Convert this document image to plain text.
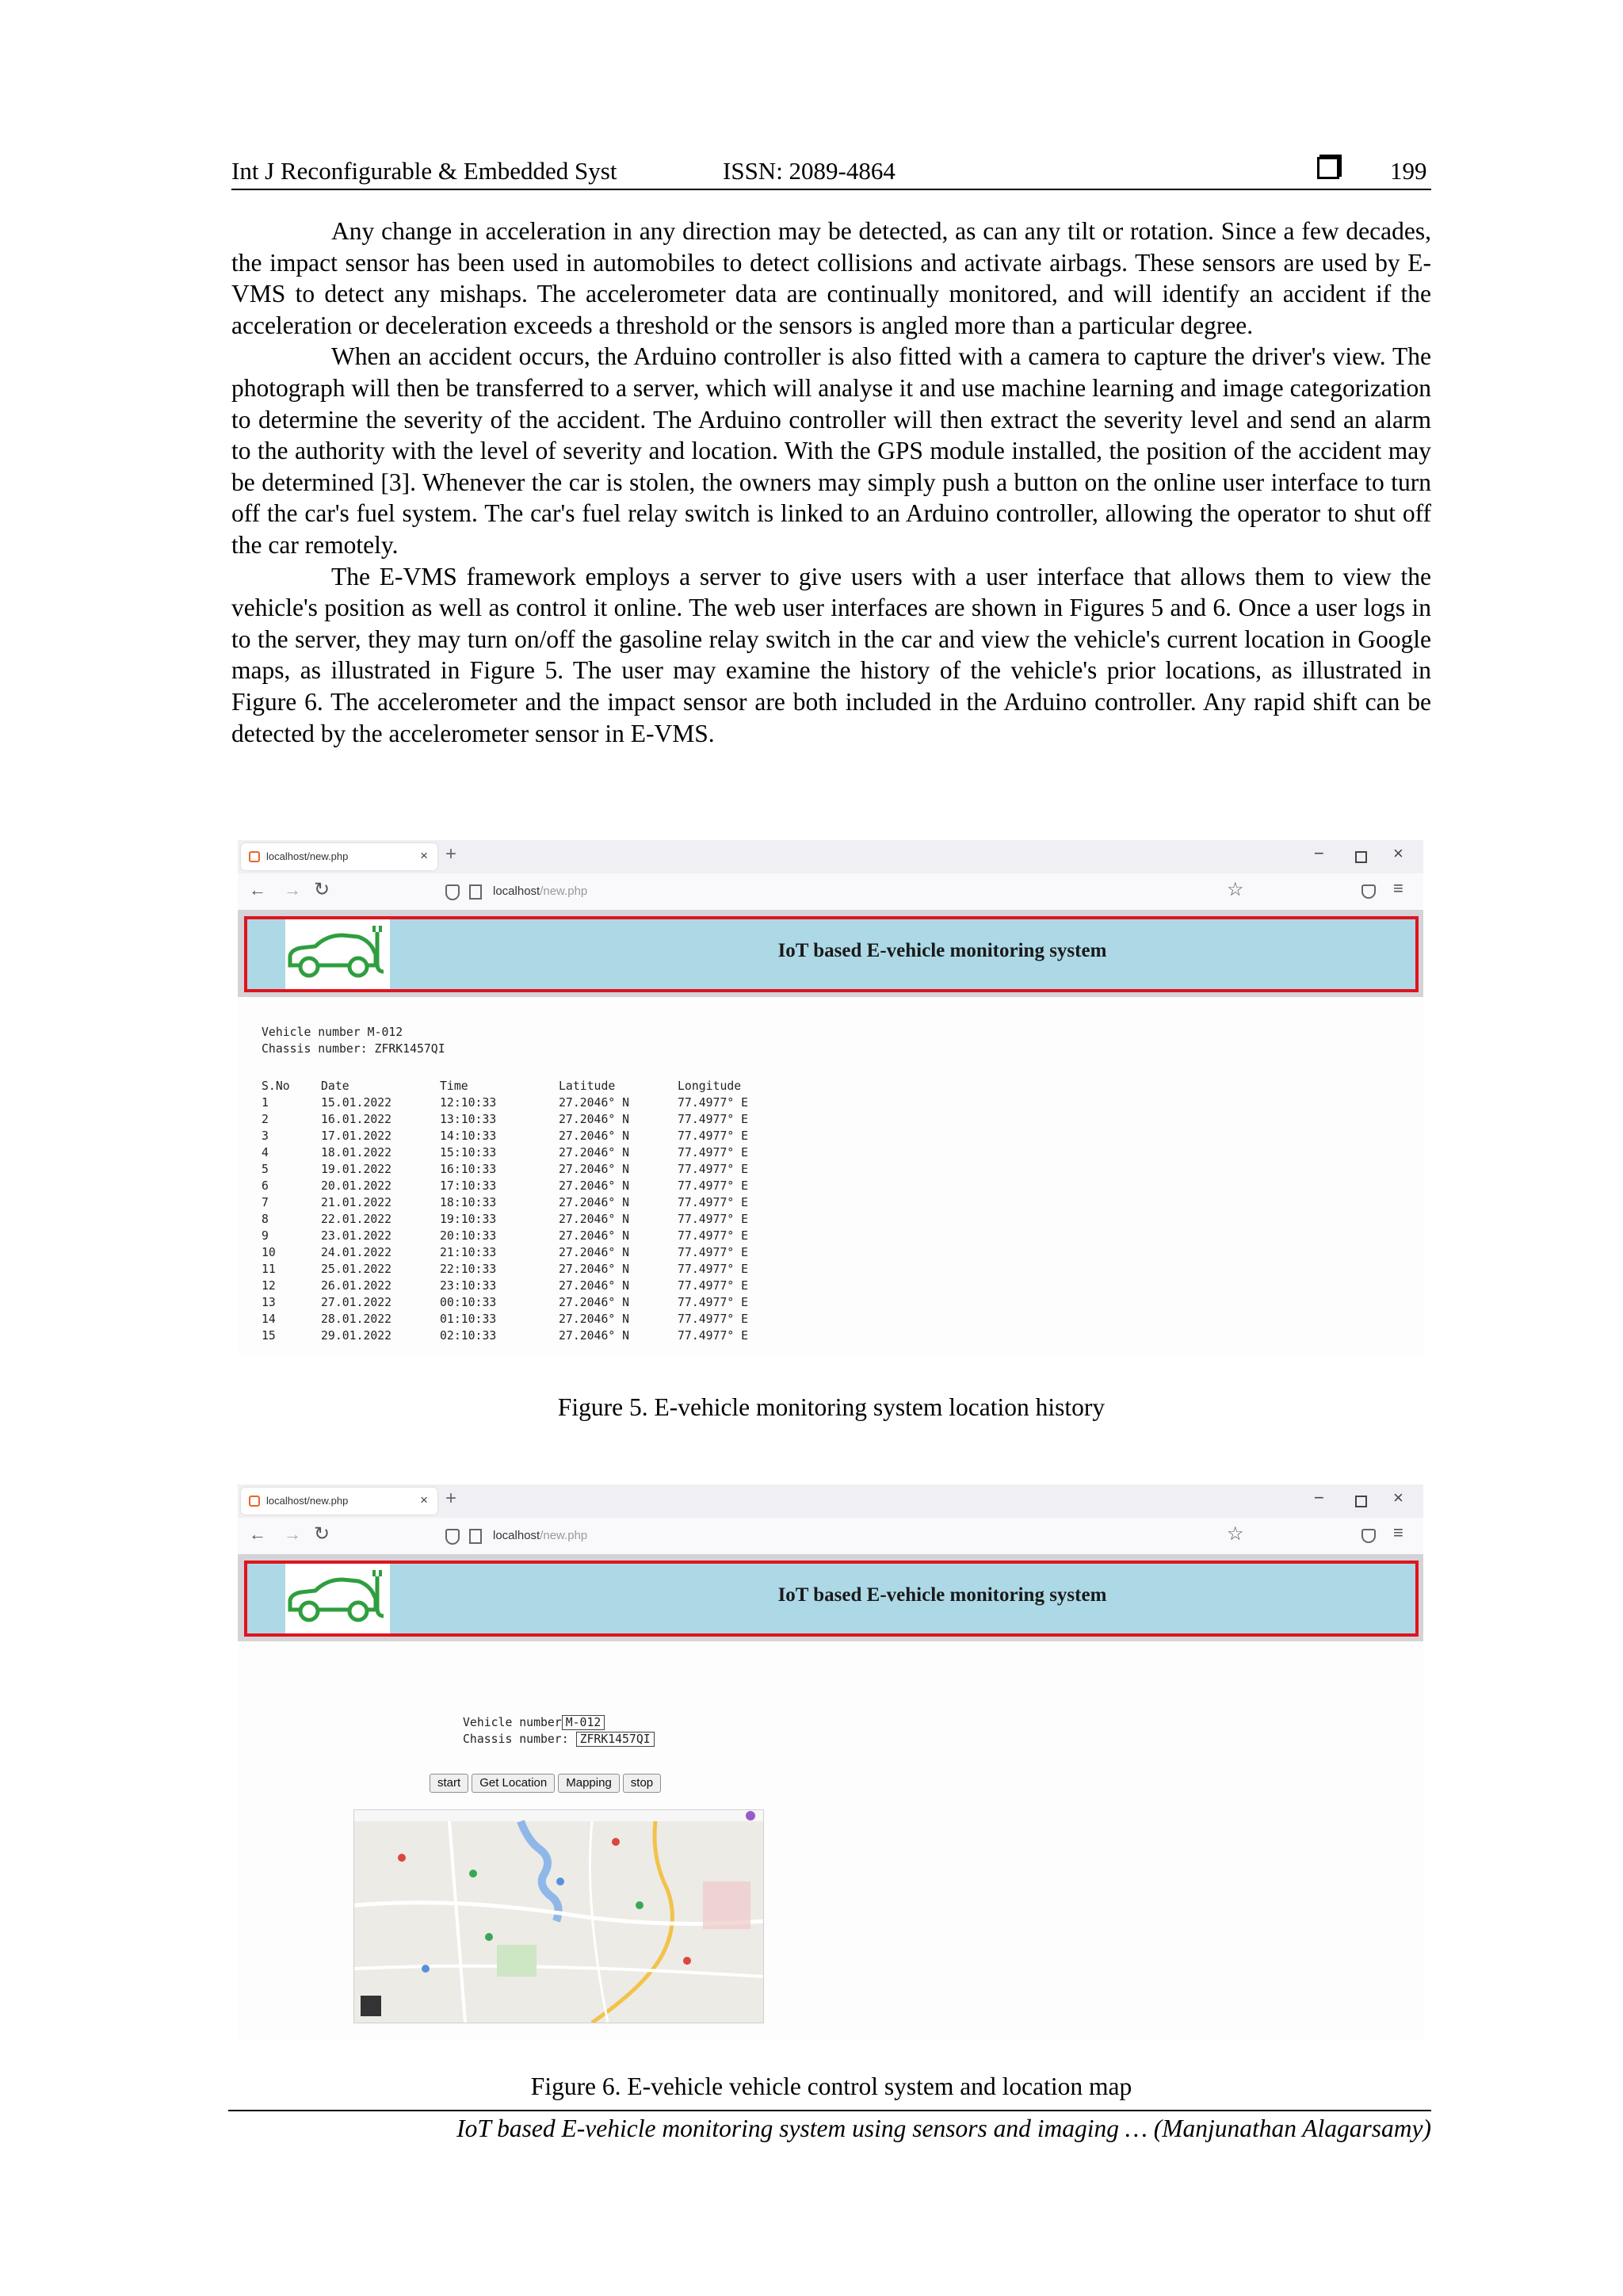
Int J Reconfigurable & Embedded Syst	ISSN: 2089-4864	199

Any change in acceleration in any direction may be detected, as can any tilt or rotation. Since a few decades, the impact sensor has been used in automobiles to detect collisions and activate airbags. These sensors are used by E-VMS to detect any mishaps. The accelerometer data are continually monitored, and will identify an accident if the acceleration or deceleration exceeds a threshold or the sensors is angled more than a particular degree.

When an accident occurs, the Arduino controller is also fitted with a camera to capture the driver's view. The photograph will then be transferred to a server, which will analyse it and use machine learning and image categorization to determine the severity of the accident. The Arduino controller will then extract the severity level and send an alarm to the authority with the level of severity and location. With the GPS module installed, the position of the accident may be determined [3]. Whenever the car is stolen, the owners may simply push a button on the online user interface to turn off the car's fuel system. The car's fuel relay switch is linked to an Arduino controller, allowing the operator to shut off the car remotely.

The E-VMS framework employs a server to give users with a user interface that allows them to view the vehicle's position as well as control it online. The web user interfaces are shown in Figures 5 and 6. Once a user logs in to the server, they may turn on/off the gasoline relay switch in the car and view the vehicle's current location in Google maps, as illustrated in Figure 5. The user may examine the history of the vehicle's prior locations, as illustrated in Figure 6. The accelerometer and the impact sensor are both included in the Arduino controller. Any rapid shift can be detected by the accelerometer sensor in E-VMS.

localhost/new.php	× +	−	×
← → ↻	localhost/new.php	☆	≡
IoT based E-vehicle monitoring system
Vehicle number M-012
Chassis number: ZFRK1457QI
S.No	Date	Time	Latitude	Longitude
1	15.01.2022	12:10:33	27.2046° N	77.4977° E
2	16.01.2022	13:10:33	27.2046° N	77.4977° E
3	17.01.2022	14:10:33	27.2046° N	77.4977° E
4	18.01.2022	15:10:33	27.2046° N	77.4977° E
5	19.01.2022	16:10:33	27.2046° N	77.4977° E
6	20.01.2022	17:10:33	27.2046° N	77.4977° E
7	21.01.2022	18:10:33	27.2046° N	77.4977° E
8	22.01.2022	19:10:33	27.2046° N	77.4977° E
9	23.01.2022	20:10:33	27.2046° N	77.4977° E
10	24.01.2022	21:10:33	27.2046° N	77.4977° E
11	25.01.2022	22:10:33	27.2046° N	77.4977° E
12	26.01.2022	23:10:33	27.2046° N	77.4977° E
13	27.01.2022	00:10:33	27.2046° N	77.4977° E
14	28.01.2022	01:10:33	27.2046° N	77.4977° E
15	29.01.2022	02:10:33	27.2046° N	77.4977° E
Figure 5. E-vehicle monitoring system location history
localhost/new.php	× +	−	×
← → ↻	localhost/new.php	☆	≡
IoT based E-vehicle monitoring system
Vehicle number M-012
Chassis number: ZFRK1457QI
start Get Location Mapping stop
Figure 6. E-vehicle vehicle control system and location map
IoT based E-vehicle monitoring system using sensors and imaging … (Manjunathan Alagarsamy)
